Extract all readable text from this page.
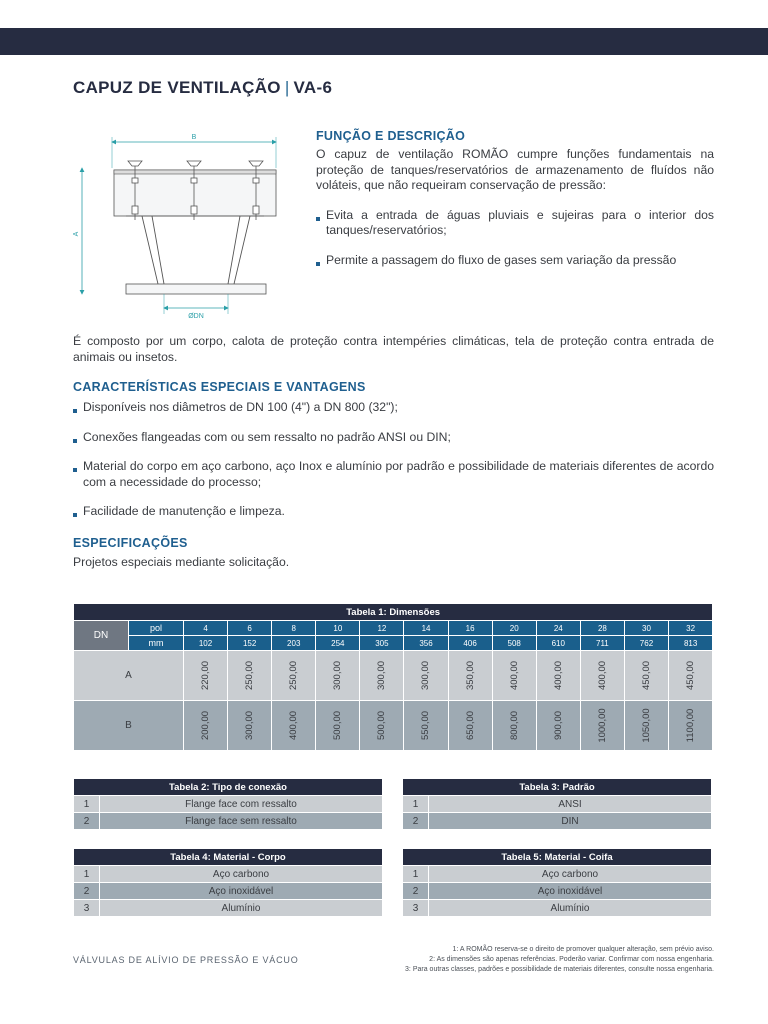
CAPUZ DE VENTILAÇÃO | VA-6
B
A
ØDN
FUNÇÃO E DESCRIÇÃO
O capuz de ventilação ROMÃO cumpre funções fundamentais na proteção de tanques/reservatórios de armazenamento de fluídos não voláteis, que não requeiram conservação de pressão:
Evita a entrada de águas pluviais e sujeiras para o interior dos tanques/reservatórios;
Permite a passagem do fluxo de gases sem variação da pressão
É composto por um corpo, calota de proteção contra intempéries climáticas, tela de proteção contra entrada de animais ou insetos.
CARACTERÍSTICAS ESPECIAIS E VANTAGENS
Disponíveis nos diâmetros de DN 100 (4") a DN 800 (32");
Conexões flangeadas com ou sem ressalto no padrão ANSI ou DIN;
Material do corpo em aço carbono, aço Inox e alumínio por padrão e possibilidade de materiais diferentes de acordo com a necessidade do processo;
Facilidade de manutenção e limpeza.
ESPECIFICAÇÕES
Projetos especiais mediante solicitação.
Tabela 1: Dimensões													
DN	pol	4	6	8	10	12	14	16	20	24	28	30	32
	mm	102	152	203	254	305	356	406	508	610	711	762	813
A		220,00	250,00	250,00	300,00	300,00	300,00	350,00	400,00	400,00	400,00	450,00	450,00

B		200,00	300,00	400,00	500,00	500,00	550,00	650,00	800,00	900,00	1000,00	1050,00	1100,00
Tabela 2: Tipo de conexão	
1	Flange face com ressalto
2	Flange face sem ressalto
Tabela 3: Padrão	
1	ANSI
2	DIN
Tabela 4: Material - Corpo	
1	Aço carbono
2	Aço inoxidável
3	Alumínio
Tabela 5: Material - Coifa	
1	Aço carbono
2	Aço inoxidável
3	Alumínio
VÁLVULAS DE ALÍVIO DE PRESSÃO E VÁCUO
1: A ROMÃO reserva-se o direito de promover qualquer alteração, sem prévio aviso.
2: As dimensões são apenas referências. Poderão variar. Confirmar com nossa engenharia.
3: Para outras classes, padrões e possibilidade de materiais diferentes, consulte nossa engenharia.
